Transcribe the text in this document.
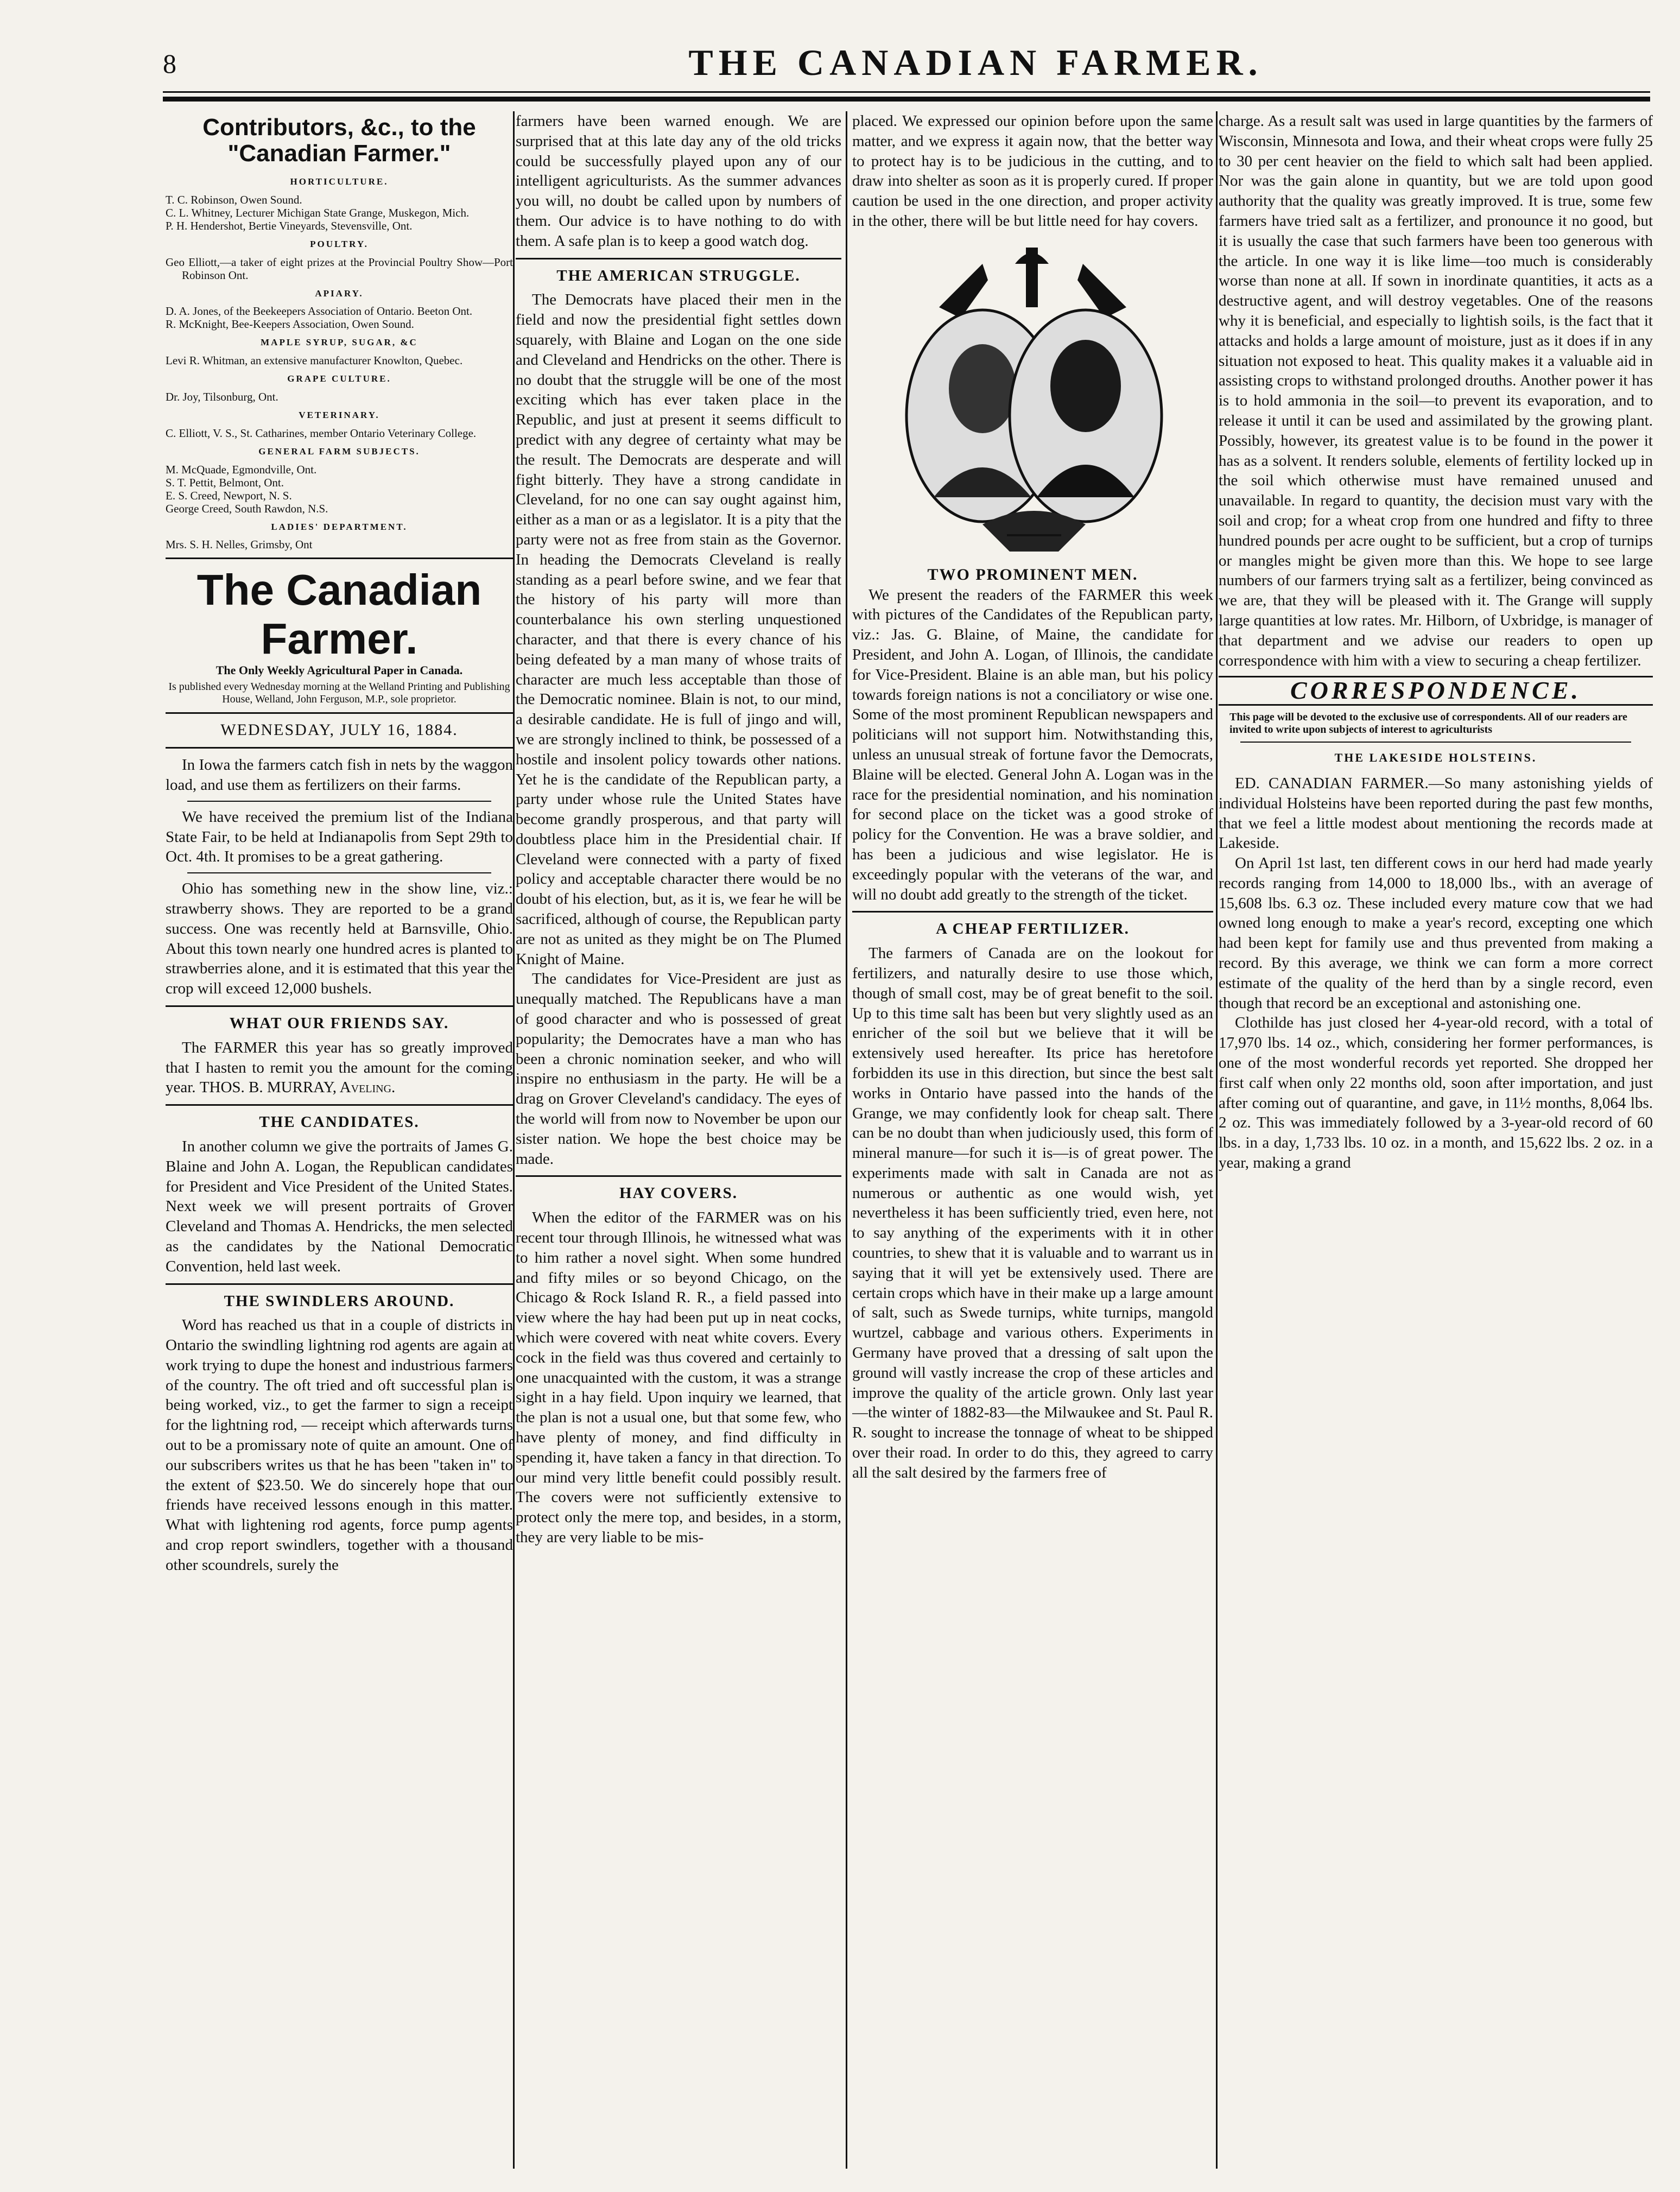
8	THE CANADIAN FARMER.
Contributors, &c., to the "Canadian Farmer."
HORTICULTURE.
T. C. Robinson, Owen Sound.
C. L. Whitney, Lecturer Michigan State Grange, Muskegon, Mich.
P. H. Hendershot, Bertie Vineyards, Stevensville, Ont.
POULTRY.
Geo Elliott,—a taker of eight prizes at the Provincial Poultry Show—Port Robinson Ont.
APIARY.
D. A. Jones, of the Beekeepers Association of Ontario. Beeton Ont.
R. McKnight, Bee-Keepers Association, Owen Sound.
MAPLE SYRUP, SUGAR, &C
Levi R. Whitman, an extensive manufacturer Knowlton, Quebec.
GRAPE CULTURE.
Dr. Joy, Tilsonburg, Ont.
VETERINARY.
C. Elliott, V. S., St. Catharines, member Ontario Veterinary College.
GENERAL FARM SUBJECTS.
M. McQuade, Egmondville, Ont.
S. T. Pettit, Belmont, Ont.
E. S. Creed, Newport, N. S.
George Creed, South Rawdon, N.S.
LADIES' DEPARTMENT.
Mrs. S. H. Nelles, Grimsby, Ont
The Canadian Farmer.
The Only Weekly Agricultural Paper in Canada.
Is published every Wednesday morning at the Welland Printing and Publishing House, Welland, John Ferguson, M.P., sole proprietor.
WEDNESDAY, JULY 16, 1884.

In Iowa the farmers catch fish in nets by the waggon load, and use them as fertilizers on their farms.

We have received the premium list of the Indiana State Fair, to be held at Indianapolis from Sept 29th to Oct. 4th. It promises to be a great gathering.

Ohio has something new in the show line, viz.: strawberry shows. They are reported to be a grand success. One was recently held at Barnsville, Ohio. About this town nearly one hundred acres is planted to strawberries alone, and it is estimated that this year the crop will exceed 12,000 bushels.

WHAT OUR FRIENDS SAY.

The FARMER this year has so greatly improved that I hasten to remit you the amount for the coming year. THOS. B. MURRAY, Aveling.

THE CANDIDATES.

In another column we give the portraits of James G. Blaine and John A. Logan, the Republican candidates for President and Vice President of the United States. Next week we will present portraits of Grover Cleveland and Thomas A. Hendricks, the men selected as the candidates by the National Democratic Convention, held last week.

THE SWINDLERS AROUND.

Word has reached us that in a couple of districts in Ontario the swindling lightning rod agents are again at work trying to dupe the honest and industrious farmers of the country. The oft tried and oft successful plan is being worked, viz., to get the farmer to sign a receipt for the lightning rod, — receipt which afterwards turns out to be a promissary note of quite an amount. One of our subscribers writes us that he has been "taken in" to the extent of $23.50. We do sincerely hope that our friends have received lessons enough in this matter. What with lightening rod agents, force pump agents and crop report swindlers, together with a thousand other scoundrels, surely the

farmers have been warned enough. We are surprised that at this late day any of the old tricks could be successfully played upon any of our intelligent agriculturists. As the summer advances you will, no doubt be called upon by numbers of them. Our advice is to have nothing to do with them. A safe plan is to keep a good watch dog.

THE AMERICAN STRUGGLE.

The Democrats have placed their men in the field and now the presidential fight settles down squarely, with Blaine and Logan on the one side and Cleveland and Hendricks on the other. There is no doubt that the struggle will be one of the most exciting which has ever taken place in the Republic, and just at present it seems difficult to predict with any degree of certainty what may be the result. The Democrats are desperate and will fight bitterly. They have a strong candidate in Cleveland, for no one can say ought against him, either as a man or as a legislator. It is a pity that the party were not as free from stain as the Governor. In heading the Democrats Cleveland is really standing as a pearl before swine, and we fear that the history of his party will more than counterbalance his own sterling unquestioned character, and that there is every chance of his being defeated by a man many of whose traits of character are much less acceptable than those of the Democratic nominee. Blain is not, to our mind, a desirable candidate. He is full of jingo and will, we are strongly inclined to think, be possessed of a hostile and insolent policy towards other nations. Yet he is the candidate of the Republican party, a party under whose rule the United States have become grandly prosperous, and that party will doubtless place him in the Presidential chair. If Cleveland were connected with a party of fixed policy and acceptable character there would be no doubt of his election, but, as it is, we fear he will be sacrificed, although of course, the Republican party are not as united as they might be on The Plumed Knight of Maine.

The candidates for Vice-President are just as unequally matched. The Republicans have a man of good character and who is possessed of great popularity; the Democrates have a man who has been a chronic nomination seeker, and who will inspire no enthusiasm in the party. He will be a drag on Grover Cleveland's candidacy. The eyes of the world will from now to November be upon our sister nation. We hope the best choice may be made.

HAY COVERS.

When the editor of the FARMER was on his recent tour through Illinois, he witnessed what was to him rather a novel sight. When some hundred and fifty miles or so beyond Chicago, on the Chicago & Rock Island R. R., a field passed into view where the hay had been put up in neat cocks, which were covered with neat white covers. Every cock in the field was thus covered and certainly to one unacquainted with the custom, it was a strange sight in a hay field. Upon inquiry we learned, that the plan is not a usual one, but that some few, who have plenty of money, and find difficulty in spending it, have taken a fancy in that direction. To our mind very little benefit could possibly result. The covers were not sufficiently extensive to protect only the mere top, and besides, in a storm, they are very liable to be mis-

placed. We expressed our opinion before upon the same matter, and we express it again now, that the better way to protect hay is to be judicious in the cutting, and to draw into shelter as soon as it is properly cured. If proper caution be used in the one direction, and proper activity in the other, there will be but little need for hay covers.

TWO PROMINENT MEN.

We present the readers of the FARMER this week with pictures of the Candidates of the Republican party, viz.: Jas. G. Blaine, of Maine, the candidate for President, and John A. Logan, of Illinois, the candidate for Vice-President. Blaine is an able man, but his policy towards foreign nations is not a conciliatory or wise one. Some of the most prominent Republican newspapers and politicians will not support him. Notwithstanding this, unless an unusual streak of fortune favor the Democrats, Blaine will be elected. General John A. Logan was in the race for the presidential nomination, and his nomination for second place on the ticket was a good stroke of policy for the Convention. He was a brave soldier, and has been a judicious and wise legislator. He is exceedingly popular with the veterans of the war, and will no doubt add greatly to the strength of the ticket.

A CHEAP FERTILIZER.

The farmers of Canada are on the lookout for fertilizers, and naturally desire to use those which, though of small cost, may be of great benefit to the soil. Up to this time salt has been but very slightly used as an enricher of the soil but we believe that it will be extensively used hereafter. Its price has heretofore forbidden its use in this direction, but since the best salt works in Ontario have passed into the hands of the Grange, we may confidently look for cheap salt. There can be no doubt than when judiciously used, this form of mineral manure—for such it is—is of great power. The experiments made with salt in Canada are not as numerous or authentic as one would wish, yet nevertheless it has been sufficiently tried, even here, not to say anything of the experiments with it in other countries, to shew that it is valuable and to warrant us in saying that it will yet be extensively used. There are certain crops which have in their make up a large amount of salt, such as Swede turnips, white turnips, mangold wurtzel, cabbage and various others. Experiments in Germany have proved that a dressing of salt upon the ground will vastly increase the crop of these articles and improve the quality of the article grown. Only last year—the winter of 1882-83—the Milwaukee and St. Paul R. R. sought to increase the tonnage of wheat to be shipped over their road. In order to do this, they agreed to carry all the salt desired by the farmers free of

charge. As a result salt was used in large quantities by the farmers of Wisconsin, Minnesota and Iowa, and their wheat crops were fully 25 to 30 per cent heavier on the field to which salt had been applied. Nor was the gain alone in quantity, but we are told upon good authority that the quality was greatly improved. It is true, some few farmers have tried salt as a fertilizer, and pronounce it no good, but it is usually the case that such farmers have been too generous with the article. In one way it is like lime—too much is considerably worse than none at all. If sown in inordinate quantities, it acts as a destructive agent, and will destroy vegetables. One of the reasons why it is beneficial, and especially to lightish soils, is the fact that it attacks and holds a large amount of moisture, just as it does if in any situation not exposed to heat. This quality makes it a valuable aid in assisting crops to withstand prolonged drouths. Another power it has is to hold ammonia in the soil—to prevent its evaporation, and to release it until it can be used and assimilated by the growing plant. Possibly, however, its greatest value is to be found in the power it has as a solvent. It renders soluble, elements of fertility locked up in the soil which otherwise must have remained unused and unavailable. In regard to quantity, the decision must vary with the soil and crop; for a wheat crop from one hundred and fifty to three hundred pounds per acre ought to be sufficient, but a crop of turnips or mangles might be given more than this. We hope to see large numbers of our farmers trying salt as a fertilizer, being convinced as we are, that they will be pleased with it. The Grange will supply large quantities at low rates. Mr. Hilborn, of Uxbridge, is manager of that department and we advise our readers to open up correspondence with him with a view to securing a cheap fertilizer.

CORRESPONDENCE.
This page will be devoted to the exclusive use of correspondents. All of our readers are invited to write upon subjects of interest to agriculturists
THE LAKESIDE HOLSTEINS.

ED. CANADIAN FARMER.—So many astonishing yields of individual Holsteins have been reported during the past few months, that we feel a little modest about mentioning the records made at Lakeside.

On April 1st last, ten different cows in our herd had made yearly records ranging from 14,000 to 18,000 lbs., with an average of 15,608 lbs. 6.3 oz. These included every mature cow that we had owned long enough to make a year's record, excepting one which had been kept for family use and thus prevented from making a record. By this average, we think we can form a more correct estimate of the quality of the herd than by a single record, even though that record be an exceptional and astonishing one.

Clothilde has just closed her 4-year-old record, with a total of 17,970 lbs. 14 oz., which, considering her former performances, is one of the most wonderful records yet reported. She dropped her first calf when only 22 months old, soon after importation, and just after coming out of quarantine, and gave, in 11½ months, 8,064 lbs. 2 oz. This was immediately followed by a 3-year-old record of 60 lbs. in a day, 1,733 lbs. 10 oz. in a month, and 15,622 lbs. 2 oz. in a year, making a grand
